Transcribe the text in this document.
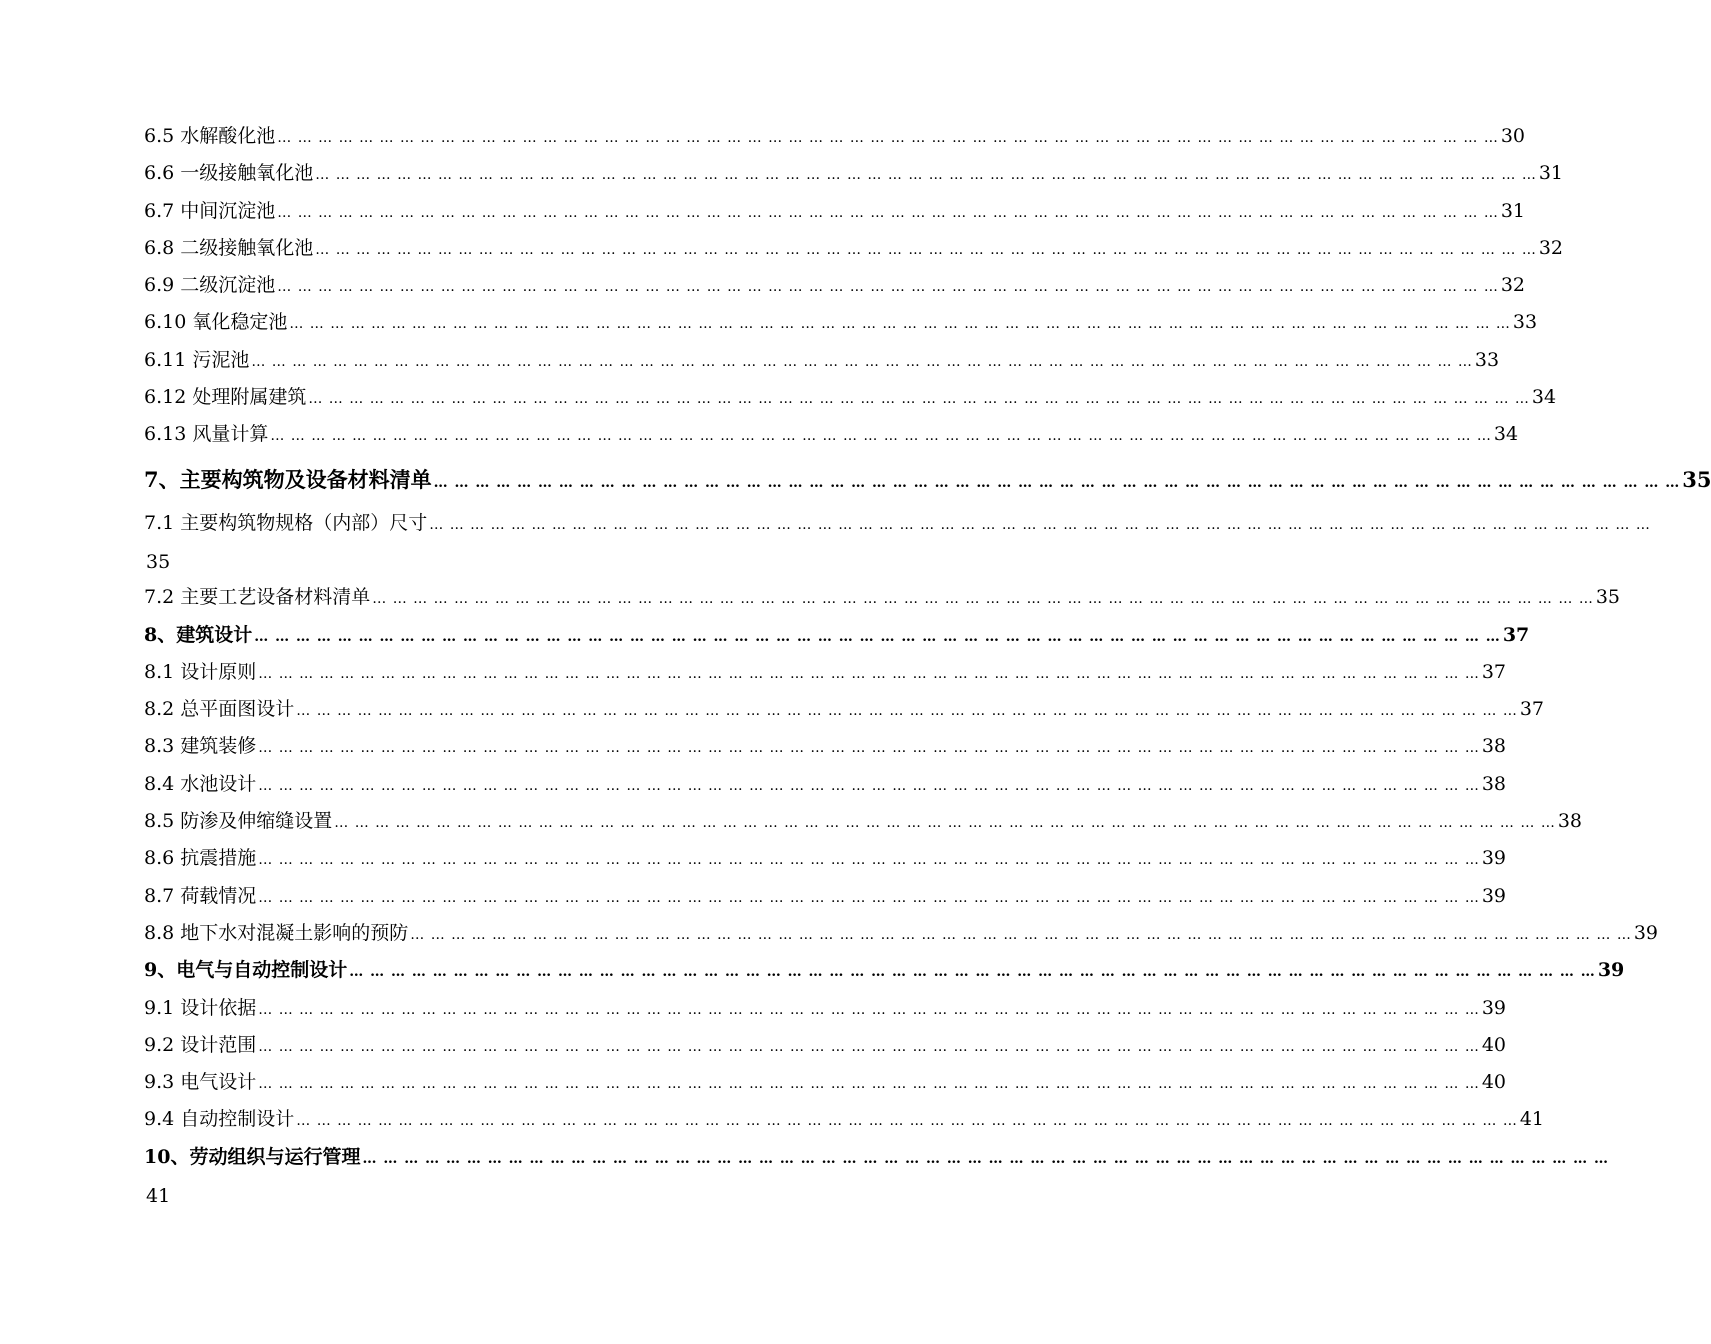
6.5 水解酸化池 … … … … … … … … … … … … … … … … … … … … … … … … … … … … … … … … … … … … … … … … … … … … … … … … … … … … … … … … … … … … 30
6.6 一级接触氧化池 … … … … … … … … … … … … … … … … … … … … … … … … … … … … … … … … … … … … … … … … … … … … … … … … … … … … … … … … … … … … 31
6.7 中间沉淀池 … … … … … … … … … … … … … … … … … … … … … … … … … … … … … … … … … … … … … … … … … … … … … … … … … … … … … … … … … … … … 31
6.8 二级接触氧化池 … … … … … … … … … … … … … … … … … … … … … … … … … … … … … … … … … … … … … … … … … … … … … … … … … … … … … … … … … … … … 32
6.9 二级沉淀池 … … … … … … … … … … … … … … … … … … … … … … … … … … … … … … … … … … … … … … … … … … … … … … … … … … … … … … … … … … … … 32
6.10 氧化稳定池 … … … … … … … … … … … … … … … … … … … … … … … … … … … … … … … … … … … … … … … … … … … … … … … … … … … … … … … … … … … … 33
6.11 污泥池 … … … … … … … … … … … … … … … … … … … … … … … … … … … … … … … … … … … … … … … … … … … … … … … … … … … … … … … … … … … … 33
6.12 处理附属建筑 … … … … … … … … … … … … … … … … … … … … … … … … … … … … … … … … … … … … … … … … … … … … … … … … … … … … … … … … … … … … 34
6.13 风量计算 … … … … … … … … … … … … … … … … … … … … … … … … … … … … … … … … … … … … … … … … … … … … … … … … … … … … … … … … … … … … 34
7、主要构筑物及设备材料清单 … … … … … … … … … … … … … … … … … … … … … … … … … … … … … … … … … … … … … … … … … … … … … … … … … … … … … … … … … … … … 35
7.1 主要构筑物规格（内部）尺寸 … … … … … … … … … … … … … … … … … … … … … … … … … … … … … … … … … … … … … … … … … … … … … … … … … … … … … … … … … … … …
35
7.2 主要工艺设备材料清单 … … … … … … … … … … … … … … … … … … … … … … … … … … … … … … … … … … … … … … … … … … … … … … … … … … … … … … … … … … … … 35
8、建筑设计 … … … … … … … … … … … … … … … … … … … … … … … … … … … … … … … … … … … … … … … … … … … … … … … … … … … … … … … … … … … … 37
8.1 设计原则 … … … … … … … … … … … … … … … … … … … … … … … … … … … … … … … … … … … … … … … … … … … … … … … … … … … … … … … … … … … … 37
8.2 总平面图设计 … … … … … … … … … … … … … … … … … … … … … … … … … … … … … … … … … … … … … … … … … … … … … … … … … … … … … … … … … … … … 37
8.3 建筑装修 … … … … … … … … … … … … … … … … … … … … … … … … … … … … … … … … … … … … … … … … … … … … … … … … … … … … … … … … … … … … 38
8.4 水池设计 … … … … … … … … … … … … … … … … … … … … … … … … … … … … … … … … … … … … … … … … … … … … … … … … … … … … … … … … … … … … 38
8.5 防渗及伸缩缝设置 … … … … … … … … … … … … … … … … … … … … … … … … … … … … … … … … … … … … … … … … … … … … … … … … … … … … … … … … … … … … 38
8.6 抗震措施 … … … … … … … … … … … … … … … … … … … … … … … … … … … … … … … … … … … … … … … … … … … … … … … … … … … … … … … … … … … … 39
8.7 荷载情况 … … … … … … … … … … … … … … … … … … … … … … … … … … … … … … … … … … … … … … … … … … … … … … … … … … … … … … … … … … … … 39
8.8 地下水对混凝土影响的预防 … … … … … … … … … … … … … … … … … … … … … … … … … … … … … … … … … … … … … … … … … … … … … … … … … … … … … … … … … … … … 39
9、电气与自动控制设计 … … … … … … … … … … … … … … … … … … … … … … … … … … … … … … … … … … … … … … … … … … … … … … … … … … … … … … … … … … … … 39
9.1 设计依据 … … … … … … … … … … … … … … … … … … … … … … … … … … … … … … … … … … … … … … … … … … … … … … … … … … … … … … … … … … … … 39
9.2 设计范围 … … … … … … … … … … … … … … … … … … … … … … … … … … … … … … … … … … … … … … … … … … … … … … … … … … … … … … … … … … … … 40
9.3 电气设计 … … … … … … … … … … … … … … … … … … … … … … … … … … … … … … … … … … … … … … … … … … … … … … … … … … … … … … … … … … … … 40
9.4 自动控制设计 … … … … … … … … … … … … … … … … … … … … … … … … … … … … … … … … … … … … … … … … … … … … … … … … … … … … … … … … … … … … 41
10、劳动组织与运行管理 … … … … … … … … … … … … … … … … … … … … … … … … … … … … … … … … … … … … … … … … … … … … … … … … … … … … … … … … … … … …
41
